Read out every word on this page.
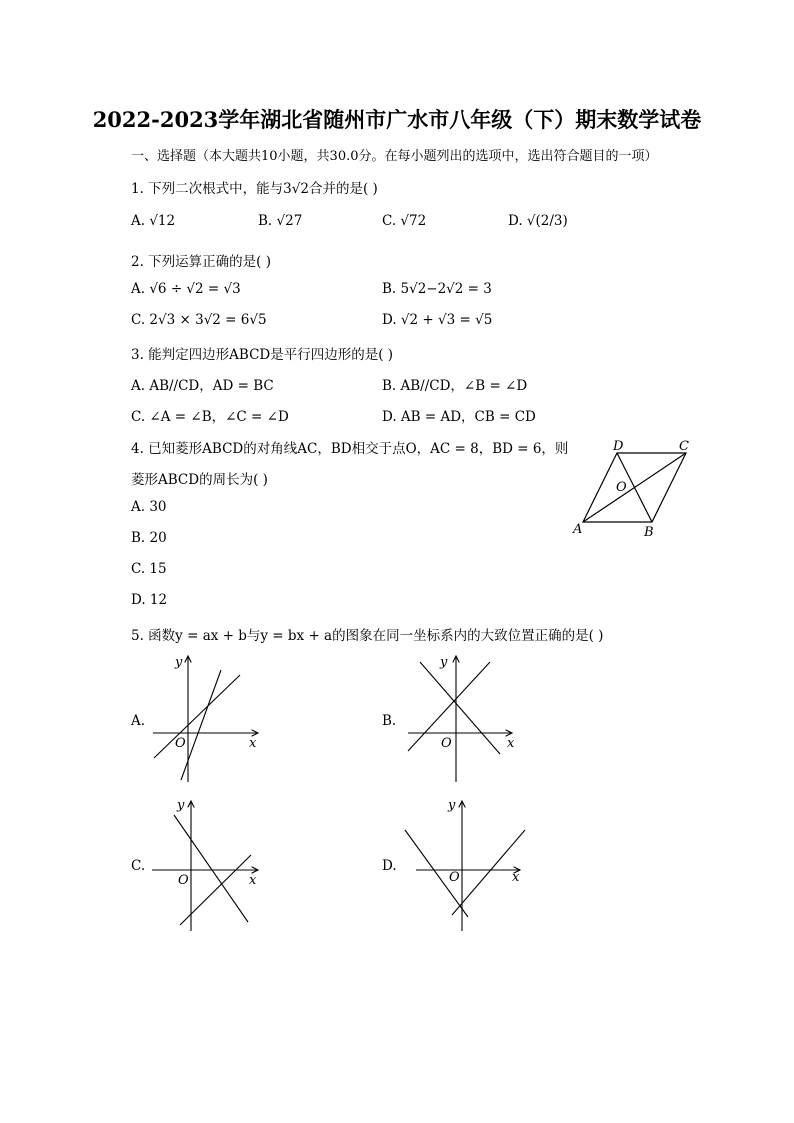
2022-2023学年湖北省随州市广水市八年级（下）期末数学试卷
一、选择题（本大题共10小题，共30.0分。在每小题列出的选项中，选出符合题目的一项）
1. 下列二次根式中，能与3√2合并的是( )
A. √12	B. √27	C. √72	D. √(2/3)
2. 下列运算正确的是( )
A. √6 ÷ √2 = √3	B. 5√2−2√2 = 3
C. 2√3 × 3√2 = 6√5	D. √2 + √3 = √5
3. 能判定四边形ABCD是平行四边形的是( )
A. AB//CD，AD = BC	B. AB//CD，∠B = ∠D
C. ∠A = ∠B，∠C = ∠D	D. AB = AD，CB = CD
4. 已知菱形ABCD的对角线AC，BD相交于点O，AC = 8，BD = 6，则
菱形ABCD的周长为( )
A. 30
B. 20
C. 15
D. 12
D	C
O
A	B
5. 函数y = ax + b与y = bx + a的图象在同一坐标系内的大致位置正确的是( )
A.	B.
C.	D.
y
x
O
y
x
O
y
x
O
y
x
O
